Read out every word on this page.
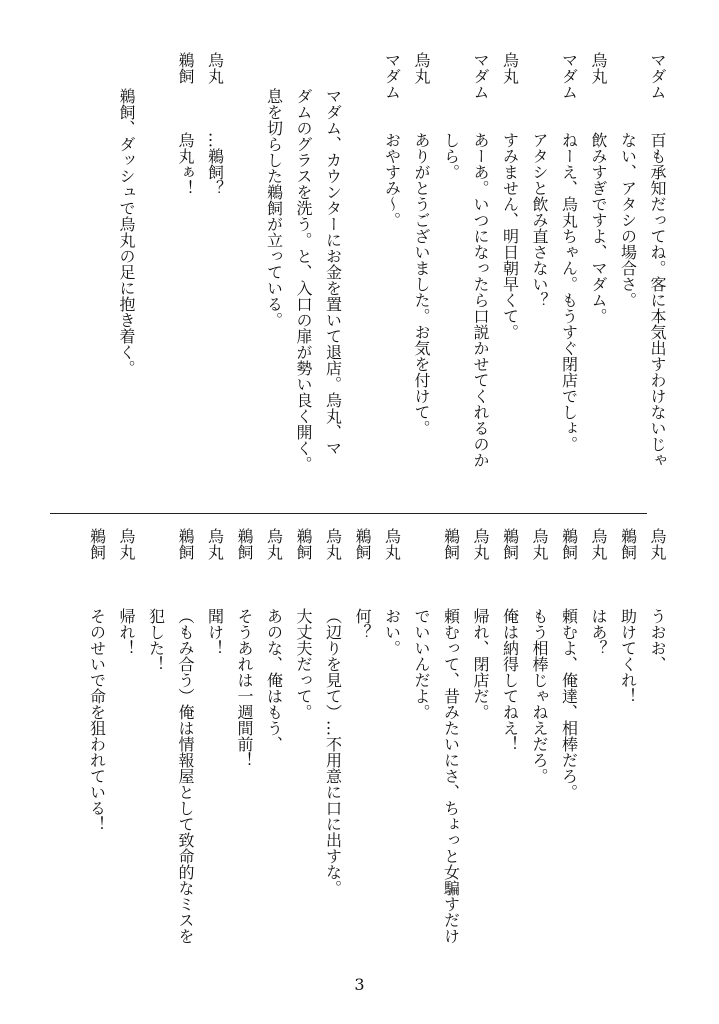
マダム百も承知だってね。客に本気出すわけないじゃ
ない、アタシの場合さ。
烏丸飲みすぎですよ、マダム。
マダムねーえ、烏丸ちゃん。もうすぐ閉店でしょ。
アタシと飲み直さない？
烏丸すみません、明日朝早くて。
マダムあーあ。いつになったら口説かせてくれるのか
しら。
烏丸ありがとうございました。お気を付けて。
マダムおやすみ〜。
マダム、カウンターにお金を置いて退店。烏丸、マ
ダムのグラスを洗う。と、入口の扉が勢い良く開く。
息を切らした鵜飼が立っている。
烏丸…鵜飼？
鵜飼烏丸ぁ！
鵜飼、ダッシュで烏丸の足に抱き着く。
烏丸うおお、
鵜飼助けてくれ！
烏丸はあ？
鵜飼頼むよ、俺達、相棒だろ。
烏丸もう相棒じゃねえだろ。
鵜飼俺は納得してねえ！
烏丸帰れ、閉店だ。
鵜飼頼むって、昔みたいにさ、ちょっと女騙すだけ
でいいんだよ。
烏丸おい。
鵜飼何？
烏丸（辺りを見て）…不用意に口に出すな。
鵜飼大丈夫だって。
烏丸あのな、俺はもう、
鵜飼そうあれは一週間前！
烏丸聞け！
鵜飼（もみ合う）俺は情報屋として致命的なミスを
犯した！
烏丸帰れ！
鵜飼そのせいで命を狙われている！
3
